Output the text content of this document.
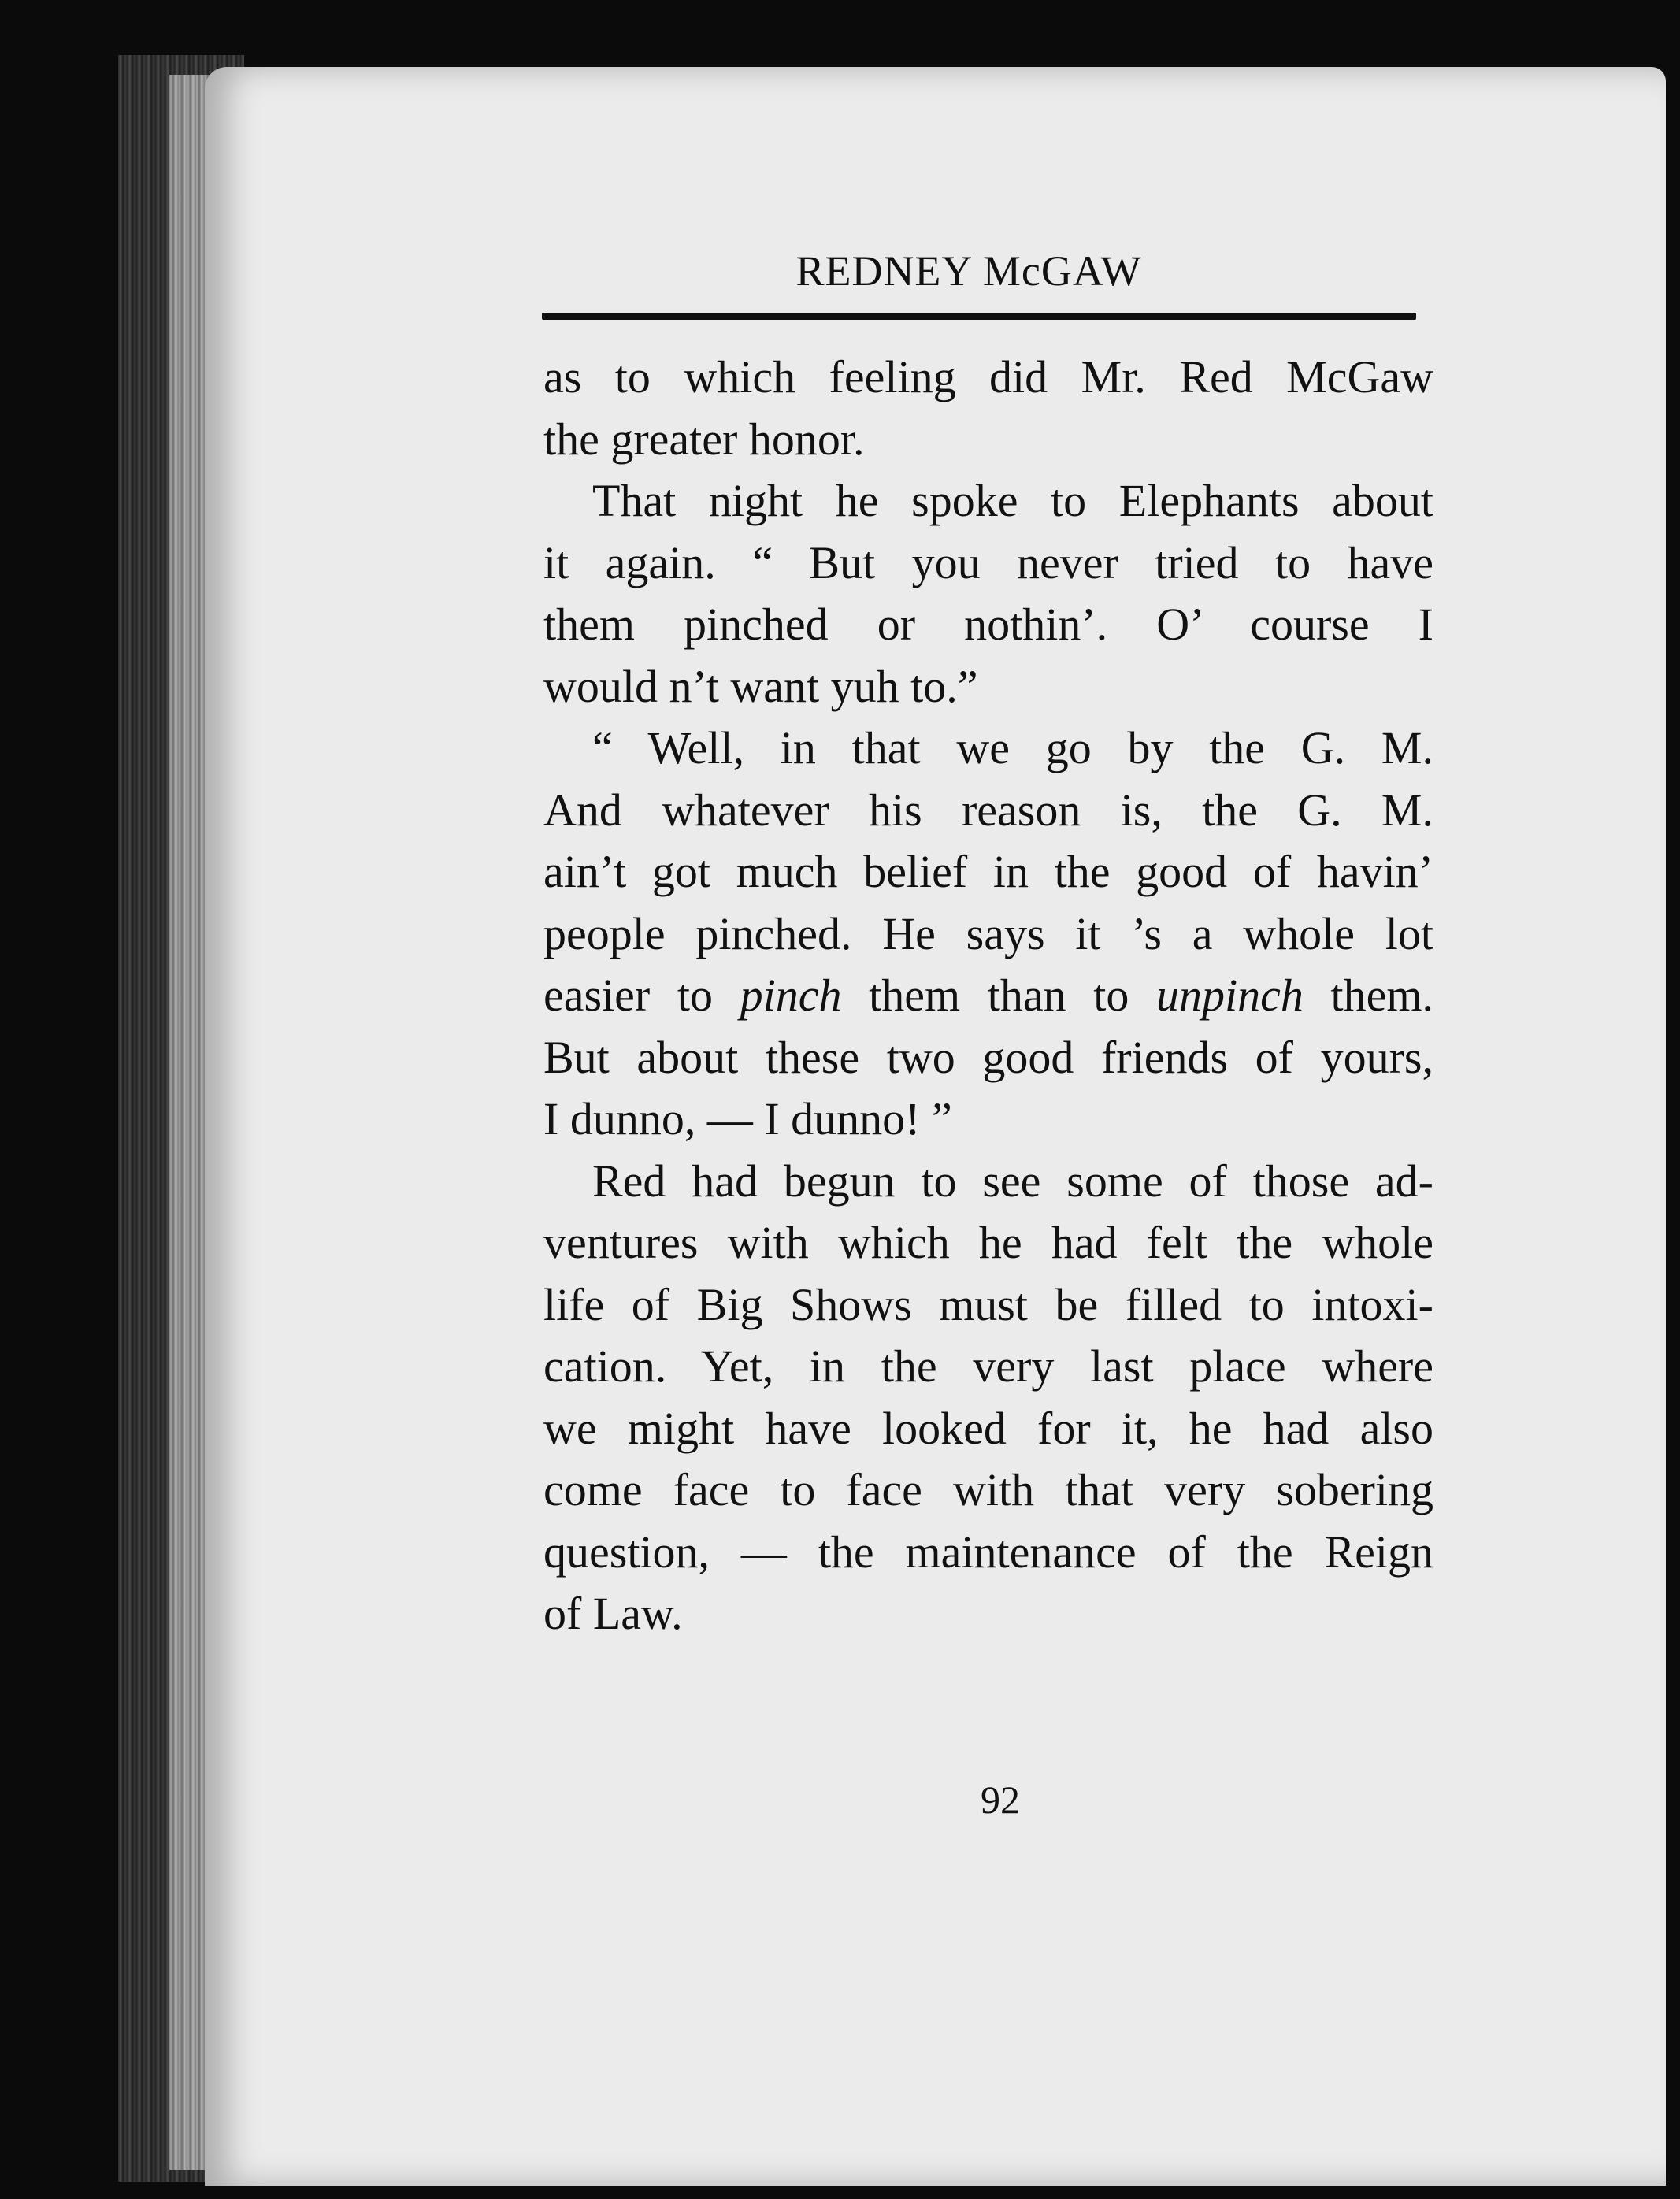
REDNEY McGAW

as to which feeling did Mr. Red McGaw
the greater honor.

That night he spoke to Elephants about
it again. “ But you never tried to have
them pinched or nothin’. O’ course I
would n’t want yuh to.”

“ Well, in that we go by the G. M.
And whatever his reason is, the G. M.
ain’t got much belief in the good of havin’
people pinched. He says it ’s a whole lot
easier to pinch them than to unpinch them.
But about these two good friends of yours,
I dunno, — I dunno! ”

Red had begun to see some of those ad-
ventures with which he had felt the whole
life of Big Shows must be filled to intoxi-
cation. Yet, in the very last place where
we might have looked for it, he had also
come face to face with that very sobering
question, — the maintenance of the Reign
of Law.

92
